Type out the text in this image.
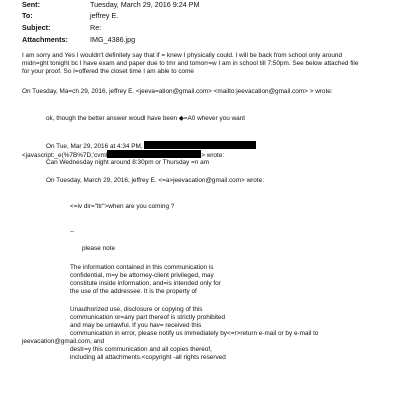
Sent:	Tuesday, March 29, 2016 9:24 PM
To:	jeffrey E.
Subject:	Re:
Attachments:	IMG_4386.jpg
I am sorry and Yes I wouldn't definitely say that if = knew I physically could. I will be back from school only around
midn=ght tonight bc I have exam and paper due to tmr and tomorr=w I am in school till 7:50pm. See below attached file
for your proof. So I=offered the closet time I am able to come
On Tuesday, Ma=ch 29, 2016, jeffrey E. <jeeva=ation@gmail.com> <mailto:jeevacation@gmail.com> > wrote:
ok, though the better answer woudl have been ◆=A0 whever you want
On Tue, Mar 29, 2016 at 4:34 PM,
<javascript:_e(%7B%7D,'cvml	> wrote:
Can Wednesday night around 8:30pm or Thursday =n am
On Tuesday, March 29, 2016, jeffrey E. <=a>jeevacation@gmail.com> wrote:
<=iv dir="ltr">when are you coming ?
--
please note
The information contained in this communication is
confidential, m=y be attorney-client privileged, may
constitute inside information, and=is intended only for
the use of the addressee. It is the property of
Unauthorized use, disclosure or copying of this
communication or=any part thereof is strictly prohibited
and may be unlawful. If you hav= received this
communication in error, please notify us immediately by<=r>return e-mail or by e-mail to
jeevacation@gmail.com, and
destr=y this communication and all copies thereof,
including all attachments.<copyright -all rights reserved
